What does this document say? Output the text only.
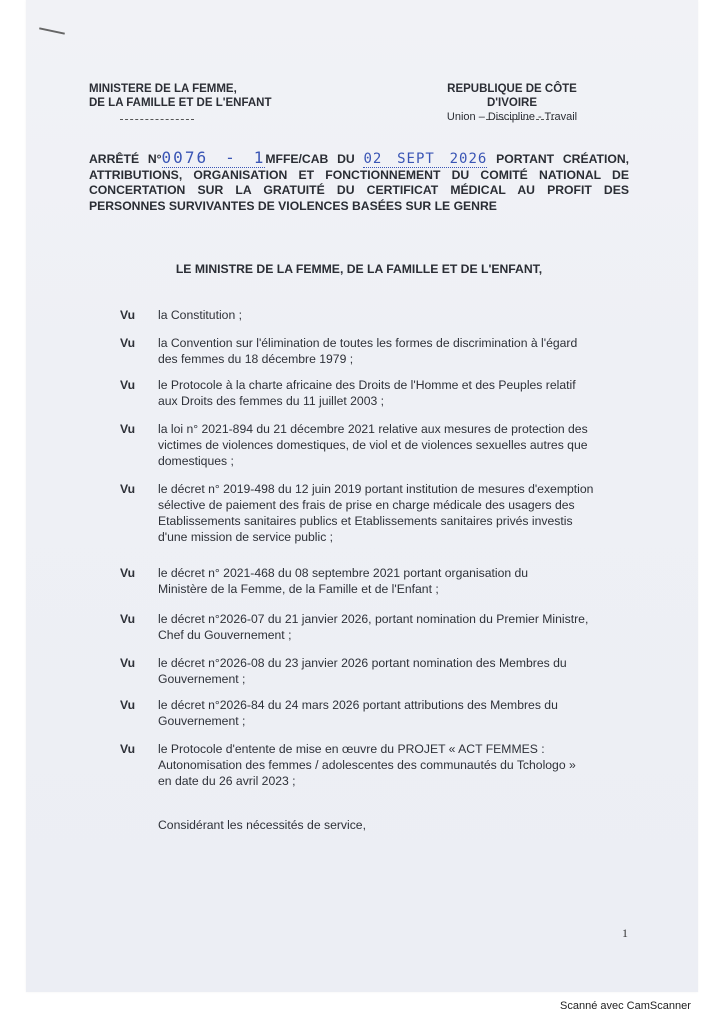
MINISTERE DE LA FEMME,
DE LA FAMILLE ET DE L'ENFANT
REPUBLIQUE DE CÔTE D'IVOIRE
Union – Discipline - Travail
ARRÊTÉ N°0076 - 1MFFE/CAB DU 02 SEPT 2026 PORTANT CRÉATION, ATTRIBUTIONS, ORGANISATION ET FONCTIONNEMENT DU COMITÉ NATIONAL DE CONCERTATION SUR LA GRATUITÉ DU CERTIFICAT MÉDICAL AU PROFIT DES PERSONNES SURVIVANTES DE VIOLENCES BASÉES SUR LE GENRE
LE MINISTRE DE LA FEMME, DE LA FAMILLE ET DE L'ENFANT,
Vu la Constitution ;
Vu la Convention sur l'élimination de toutes les formes de discrimination à l'égard
des femmes du 18 décembre 1979 ;
Vu le Protocole à la charte africaine des Droits de l'Homme et des Peuples relatif
aux Droits des femmes du 11 juillet 2003 ;
Vu la loi n° 2021-894 du 21 décembre 2021 relative aux mesures de protection des
victimes de violences domestiques, de viol et de violences sexuelles autres que
domestiques ;
Vu le décret n° 2019-498 du 12 juin 2019 portant institution de mesures d'exemption
sélective de paiement des frais de prise en charge médicale des usagers des
Etablissements sanitaires publics et Etablissements sanitaires privés investis
d'une mission de service public ;
Vu le décret n° 2021-468 du 08 septembre 2021 portant organisation du
Ministère de la Femme, de la Famille et de l'Enfant ;
Vu le décret n°2026-07 du 21 janvier 2026, portant nomination du Premier Ministre,
Chef du Gouvernement ;
Vu le décret n°2026-08 du 23 janvier 2026 portant nomination des Membres du
Gouvernement ;
Vu le décret n°2026-84 du 24 mars 2026 portant attributions des Membres du
Gouvernement ;
Vu le Protocole d'entente de mise en œuvre du PROJET « ACT FEMMES :
Autonomisation des femmes / adolescentes des communautés du Tchologo »
en date du 26 avril 2023 ;
Considérant les nécessités de service,
1
Scanné avec CamScanner
